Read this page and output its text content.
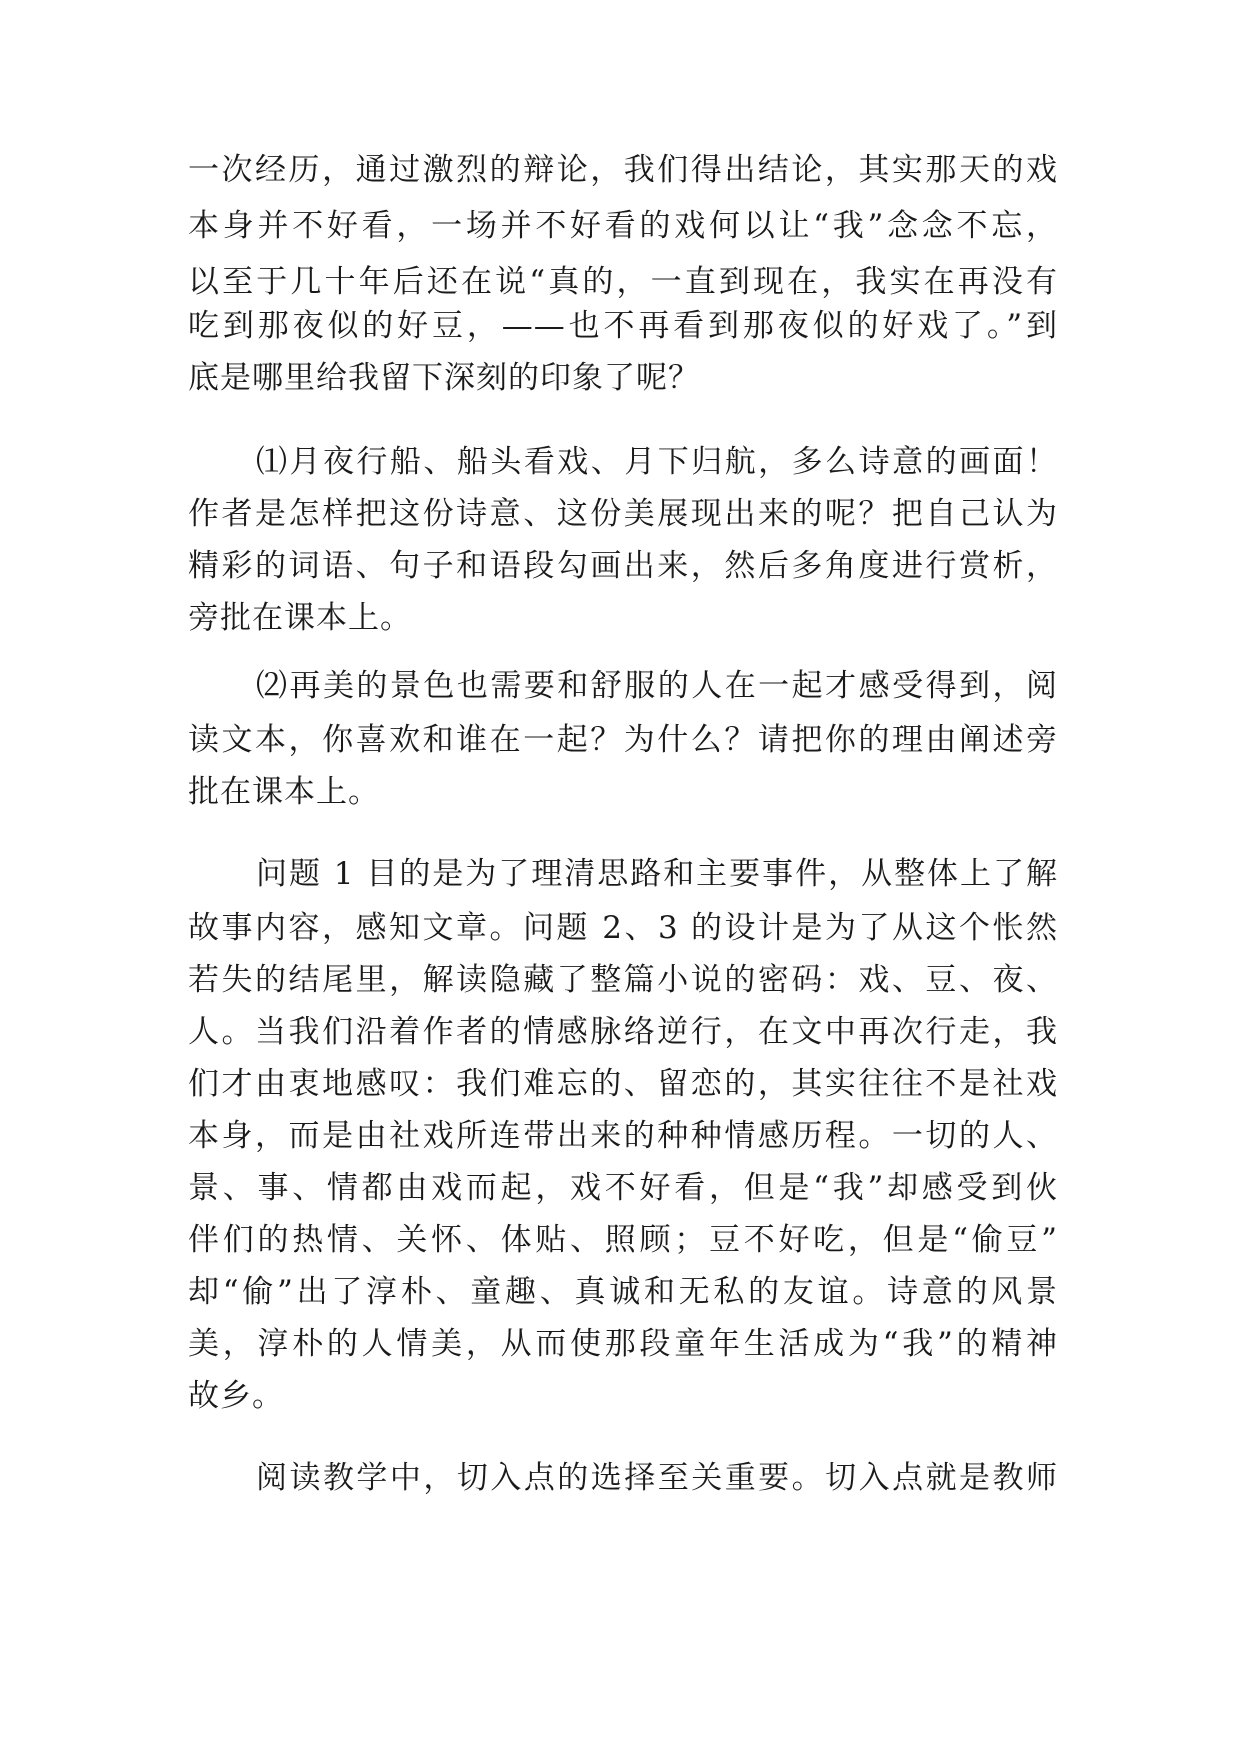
一次经历，通过激烈的辩论，我们得出结论，其实那天的戏
本身并不好看，一场并不好看的戏何以让“我”念念不忘，
以至于几十年后还在说“真的，一直到现在，我实在再没有
吃到那夜似的好豆，——也不再看到那夜似的好戏了。”到
底是哪里给我留下深刻的印象了呢？
⑴月夜行船、船头看戏、月下归航，多么诗意的画面！
作者是怎样把这份诗意、这份美展现出来的呢？把自己认为
精彩的词语、句子和语段勾画出来，然后多角度进行赏析，
旁批在课本上。
⑵再美的景色也需要和舒服的人在一起才感受得到，阅
读文本，你喜欢和谁在一起？为什么？请把你的理由阐述旁
批在课本上。
问题 1 目的是为了理清思路和主要事件，从整体上了解
故事内容，感知文章。问题 2、3 的设计是为了从这个怅然
若失的结尾里，解读隐藏了整篇小说的密码：戏、豆、夜、
人。当我们沿着作者的情感脉络逆行，在文中再次行走，我
们才由衷地感叹：我们难忘的、留恋的，其实往往不是社戏
本身，而是由社戏所连带出来的种种情感历程。一切的人、
景、事、情都由戏而起，戏不好看，但是“我”却感受到伙
伴们的热情、关怀、体贴、照顾；豆不好吃，但是“偷豆”
却“偷”出了淳朴、童趣、真诚和无私的友谊。诗意的风景
美，淳朴的人情美，从而使那段童年生活成为“我”的精神
故乡。
阅读教学中，切入点的选择至关重要。切入点就是教师
